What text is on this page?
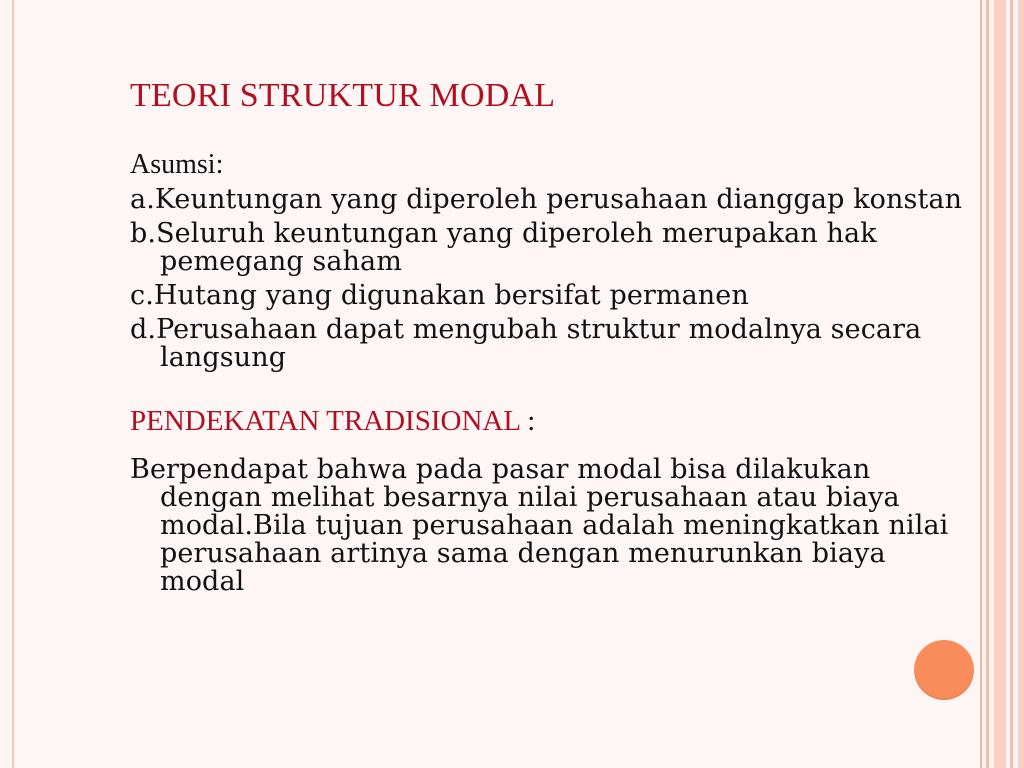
TEORI STRUKTUR MODAL
Asumsi:
a.Keuntungan yang diperoleh perusahaan dianggap konstan
b.Seluruh keuntungan yang diperoleh merupakan hak pemegang saham
c.Hutang yang digunakan bersifat permanen
d.Perusahaan dapat mengubah struktur modalnya secara langsung
PENDEKATAN TRADISIONAL :
Berpendapat bahwa pada pasar modal bisa dilakukan dengan melihat besarnya nilai perusahaan atau biaya modal.Bila tujuan perusahaan adalah meningkatkan nilai perusahaan artinya sama dengan menurunkan biaya modal
